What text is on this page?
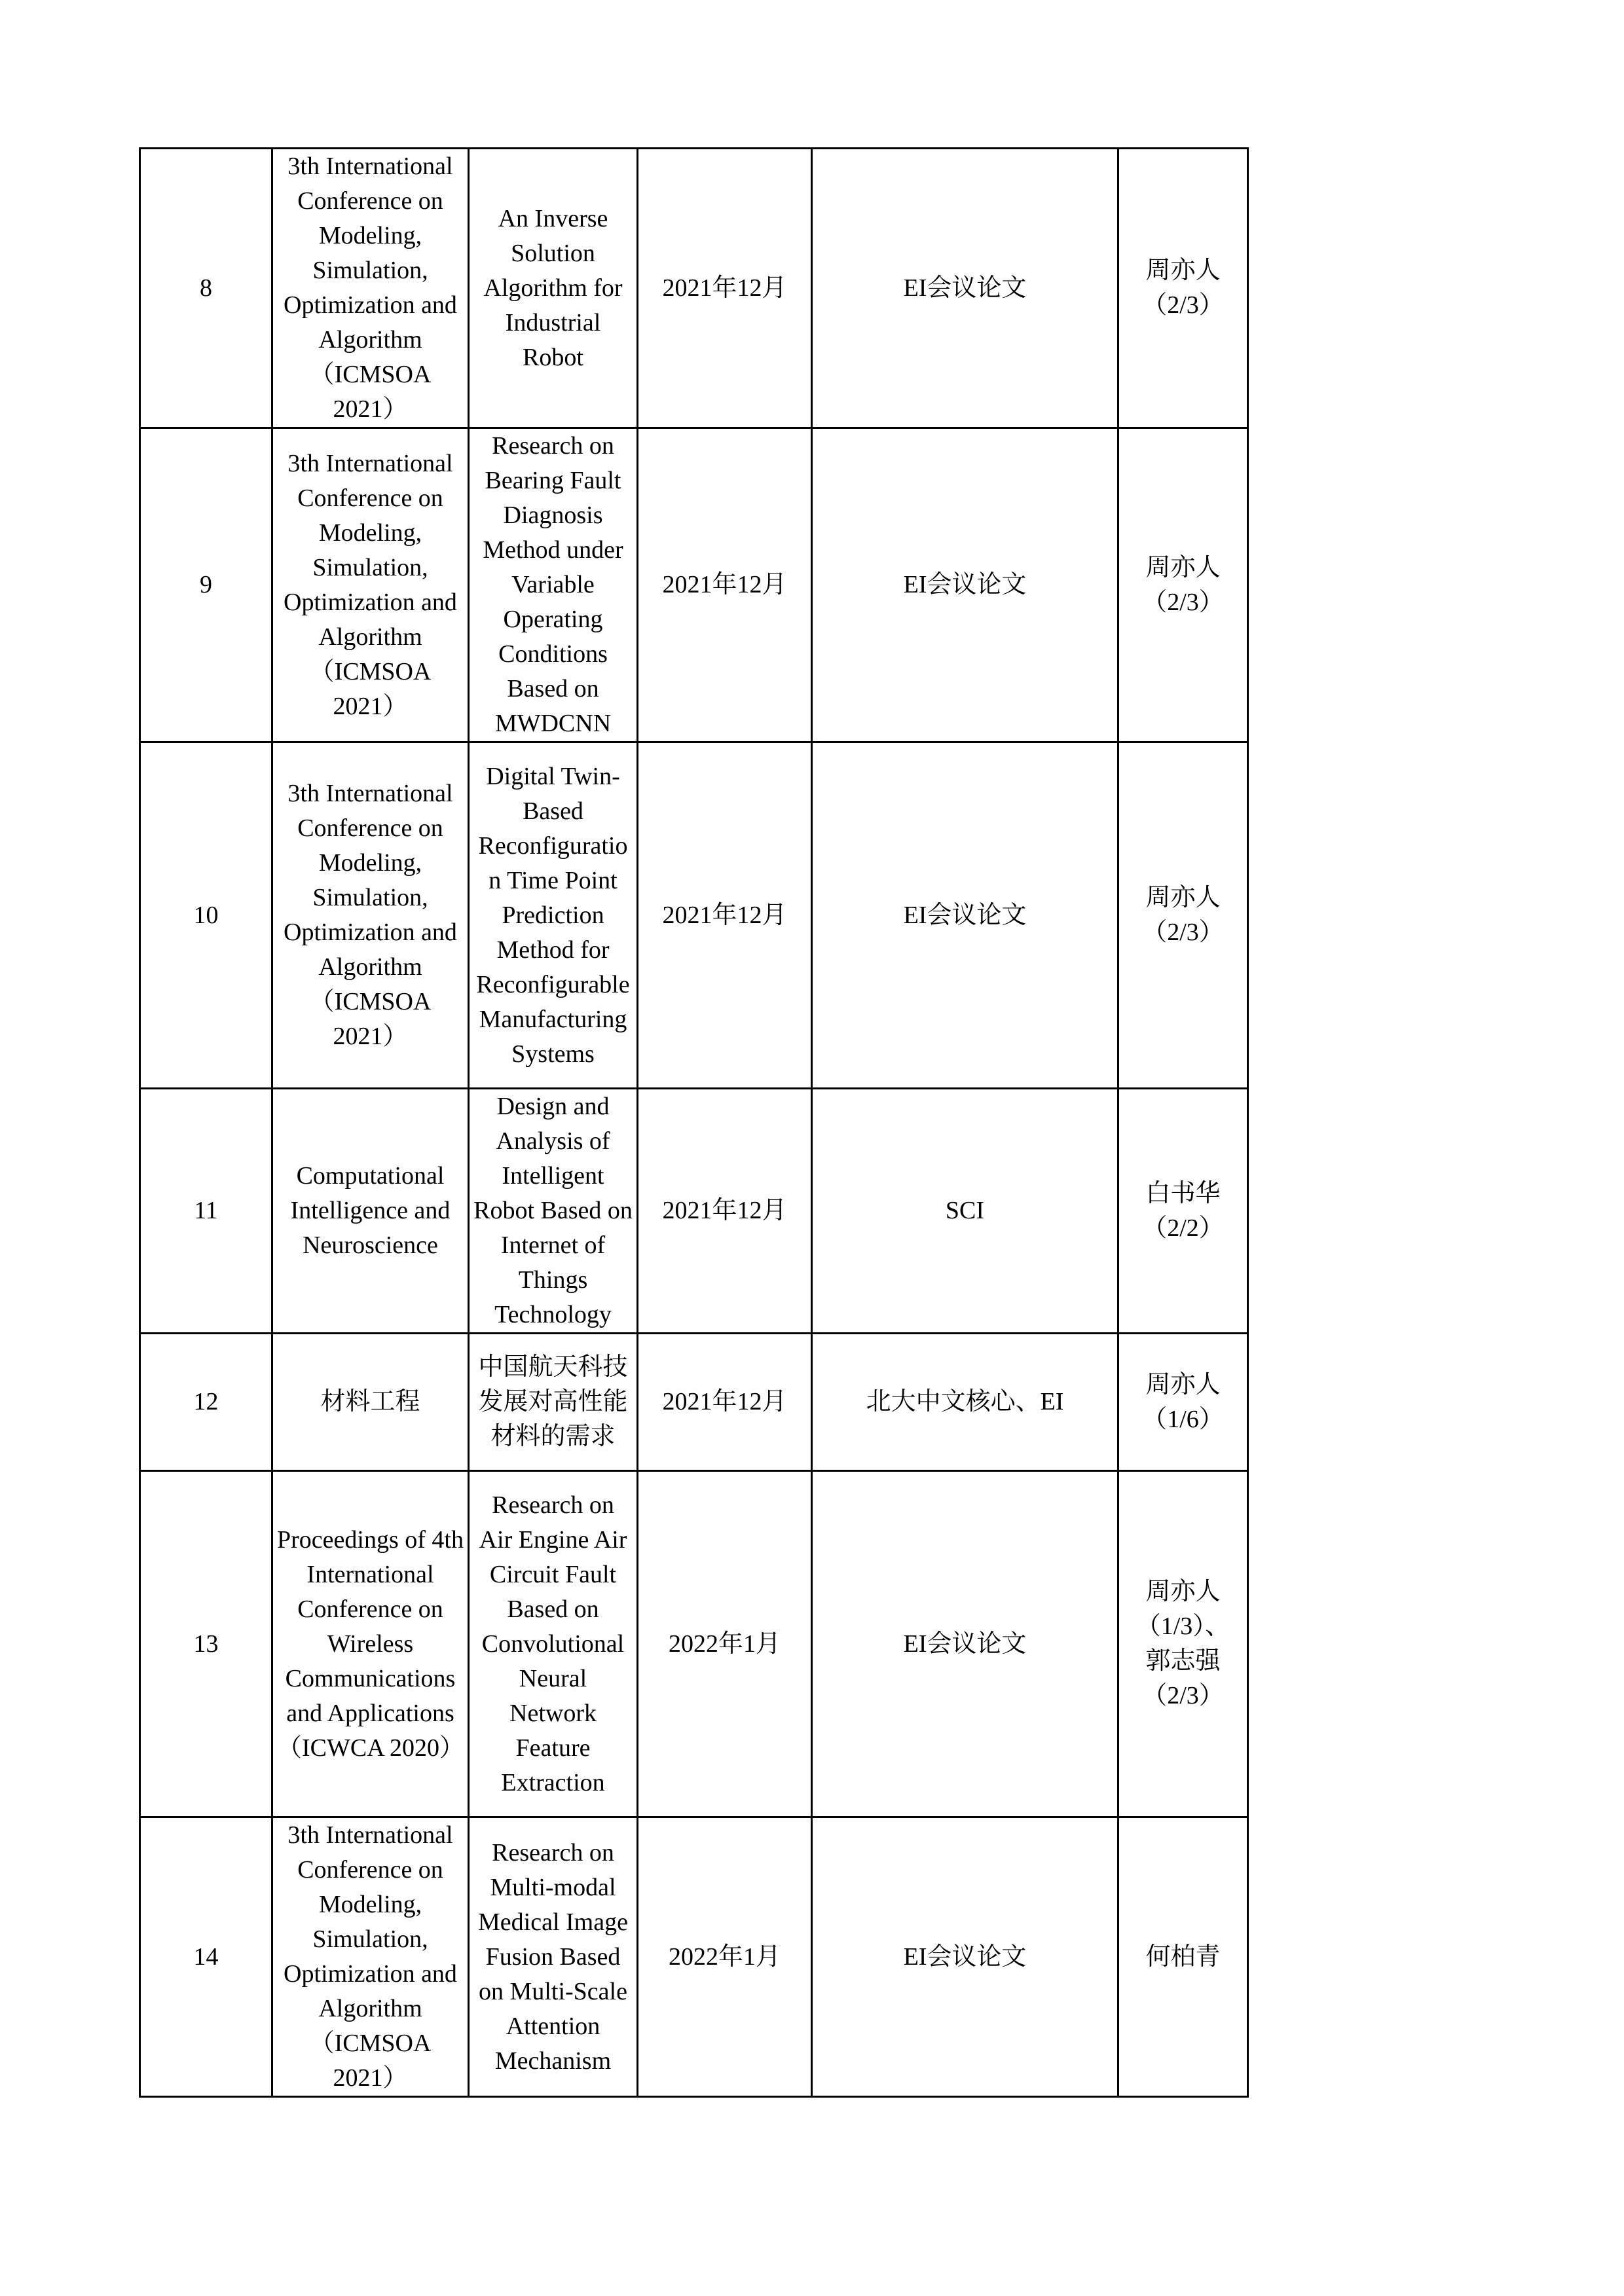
8	3th International Conference on Modeling, Simulation, Optimization and Algorithm （ICMSOA 2021）	An Inverse Solution Algorithm for Industrial Robot	2021年12月	EI会议论文	周亦人
（2/3）
9	3th International Conference on Modeling, Simulation, Optimization and Algorithm （ICMSOA 2021）	Research on Bearing Fault Diagnosis Method under Variable Operating Conditions Based on MWDCNN	2021年12月	EI会议论文	周亦人
（2/3）
10	3th International Conference on Modeling, Simulation, Optimization and Algorithm （ICMSOA 2021）	Digital Twin-Based Reconfiguration Time Point Prediction Method for Reconfigurable Manufacturing Systems	2021年12月	EI会议论文	周亦人
（2/3）
11	Computational Intelligence and Neuroscience	Design and Analysis of Intelligent Robot Based on Internet of Things Technology	2021年12月	SCI	白书华
（2/2）
12	材料工程	中国航天科技发展对高性能材料的需求	2021年12月	北大中文核心、EI	周亦人
（1/6）
13	Proceedings of 4th International Conference on Wireless Communications and Applications （ICWCA 2020）	Research on Air Engine Air Circuit Fault Based on Convolutional Neural Network Feature Extraction	2022年1月	EI会议论文	周亦人
（1/3）、
郭志强
（2/3）
14	3th International Conference on Modeling, Simulation, Optimization and Algorithm （ICMSOA 2021）	Research on Multi-modal Medical Image Fusion Based on Multi-Scale Attention Mechanism	2022年1月	EI会议论文	何柏青
